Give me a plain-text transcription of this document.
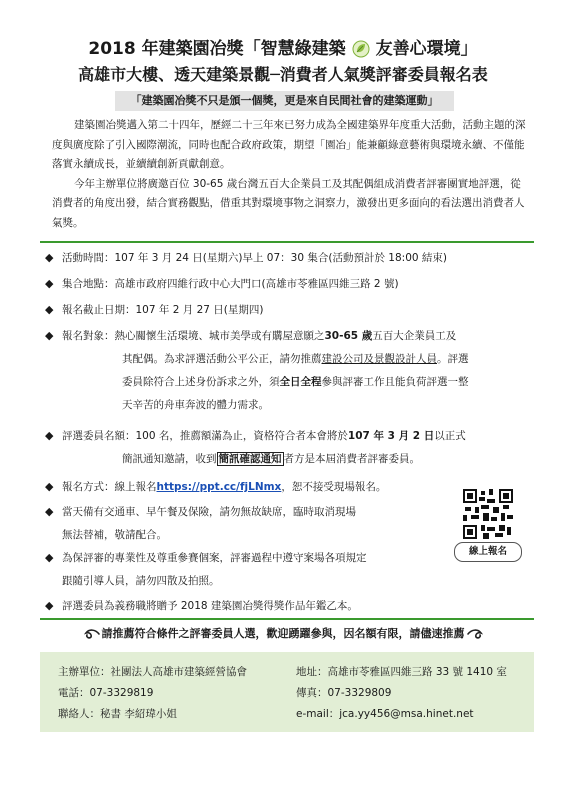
2018 年建築園冶獎「智慧綠建築 友善心環境」
高雄市大樓、透天建築景觀─消費者人氣獎評審委員報名表
「建築園冶獎不只是頒一個獎，更是來自民間社會的建築運動」

建築園冶獎邁入第二十四年，歷經二十三年來已努力成為全國建築界年度重大活動，活動主題的深度與廣度除了引入國際潮流，同時也配合政府政策，期望「園冶」能兼顧綠意藝術與環境永續、不僅能落實永續成長，並續續創新貢獻創意。

今年主辦單位將廣邀百位 30-65 歲台灣五百大企業員工及其配偶組成消費者評審團實地評選，從消費者的角度出發，結合實務觀點，借重其對環境事物之洞察力，激發出更多面向的看法選出消費者人氣獎。

◆ 活動時間：107 年 3 月 24 日(星期六)早上 07：30 集合(活動預計於 18:00 結束)
◆ 集合地點：高雄市政府四維行政中心大門口(高雄市苓雅區四維三路 2 號)
◆ 報名截止日期：107 年 2 月 27 日(星期四)
◆ 報名對象：熱心關懷生活環境、城市美學或有購屋意願之30-65 歲五百大企業員工及
其配偶。為求評選活動公平公正，請勿推薦建設公司及景觀設計人員。評選
委員除符合上述身份訴求之外，須全日全程參與評審工作且能負荷評選一整
天辛苦的舟車奔波的體力需求。
◆ 評選委員名額：100 名，推薦額滿為止，資格符合者本會將於107 年 3 月 2 日以正式
簡訊通知邀請，收到 簡訊確認通知 者方是本屆消費者評審委員。
◆ 報名方式：線上報名https://ppt.cc/fjLNmx，恕不接受現場報名。
◆ 當天備有交通車、早午餐及保險，請勿無故缺席，臨時取消現場
無法替補，敬請配合。
◆ 為保評審的專業性及尊重參賽個案，評審過程中遵守案場各項規定
跟隨引導人員，請勿四散及拍照。
◆ 評選委員為義務職將贈予 2018 建築園冶獎得獎作品年鑑乙本。
線上報名
請推薦符合條件之評審委員人選，歡迎踴躍參與，因名額有限，請儘速推薦
主辦單位：社團法人高雄市建築經營協會	地址：高雄市苓雅區四維三路 33 號 1410 室
電話：07-3329819	傳真：07-3329809
聯絡人：秘書 李紹瑋小姐	e-mail：jca.yy456@msa.hinet.net
